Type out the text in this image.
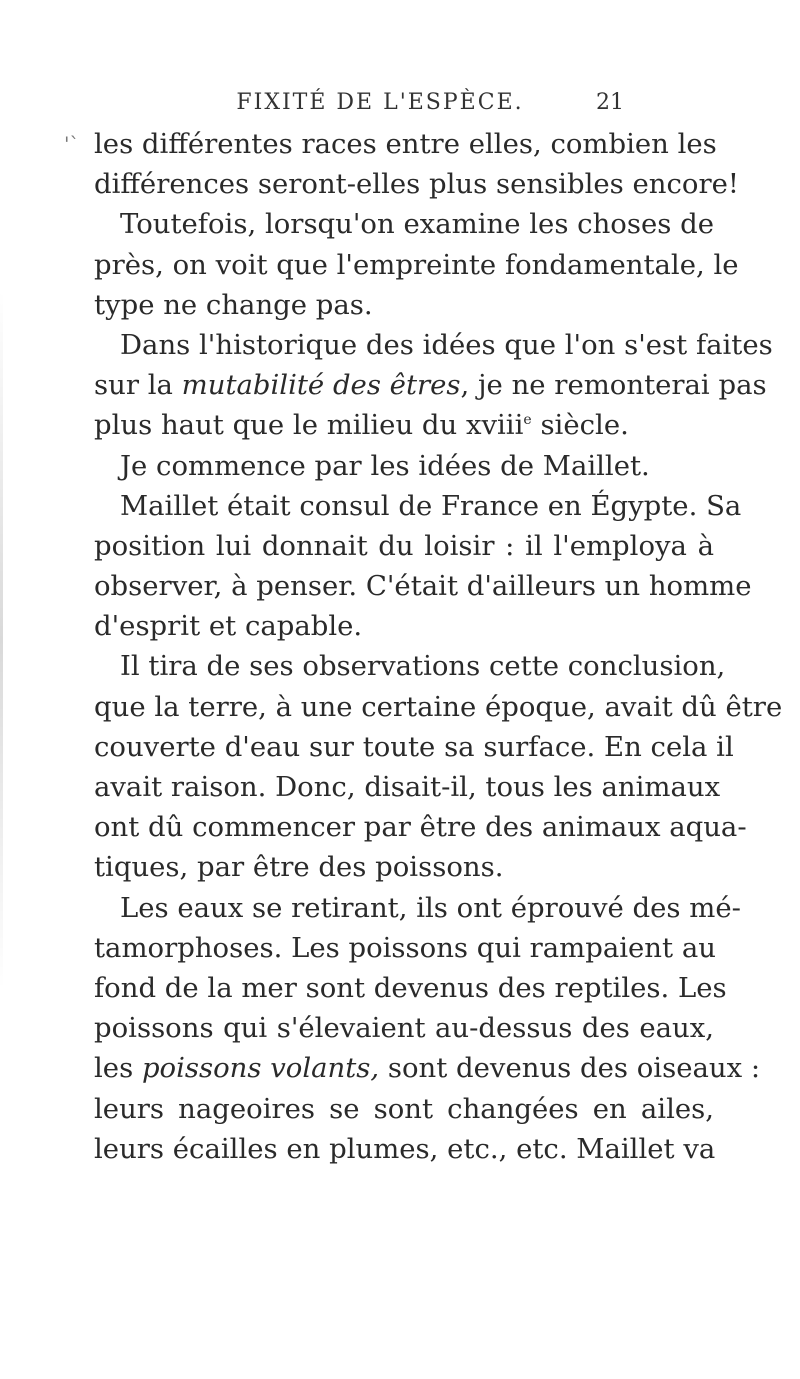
FIXITÉ DE L'ESPÈCE.	21
'` les différentes races entre elles, combien les
différences seront-elles plus sensibles encore!
Toutefois, lorsqu'on examine les choses de
près, on voit que l'empreinte fondamentale, le
type ne change pas.
Dans l'historique des idées que l'on s'est faites
sur la mutabilité des êtres, je ne remonterai pas
plus haut que le milieu du xviii$^e$ siècle.
Je commence par les idées de Maillet.
Maillet était consul de France en Égypte. Sa
position lui donnait du loisir : il l'employa à
observer, à penser. C'était d'ailleurs un homme
d'esprit et capable.
Il tira de ses observations cette conclusion,
que la terre, à une certaine époque, avait dû être
couverte d'eau sur toute sa surface. En cela il
avait raison. Donc, disait-il, tous les animaux
ont dû commencer par être des animaux aqua-
tiques, par être des poissons.
Les eaux se retirant, ils ont éprouvé des mé-
tamorphoses. Les poissons qui rampaient au
fond de la mer sont devenus des reptiles. Les
poissons qui s'élevaient au-dessus des eaux,
les poissons volants, sont devenus des oiseaux :
leurs nageoires se sont changées en ailes,
leurs écailles en plumes, etc., etc. Maillet va
